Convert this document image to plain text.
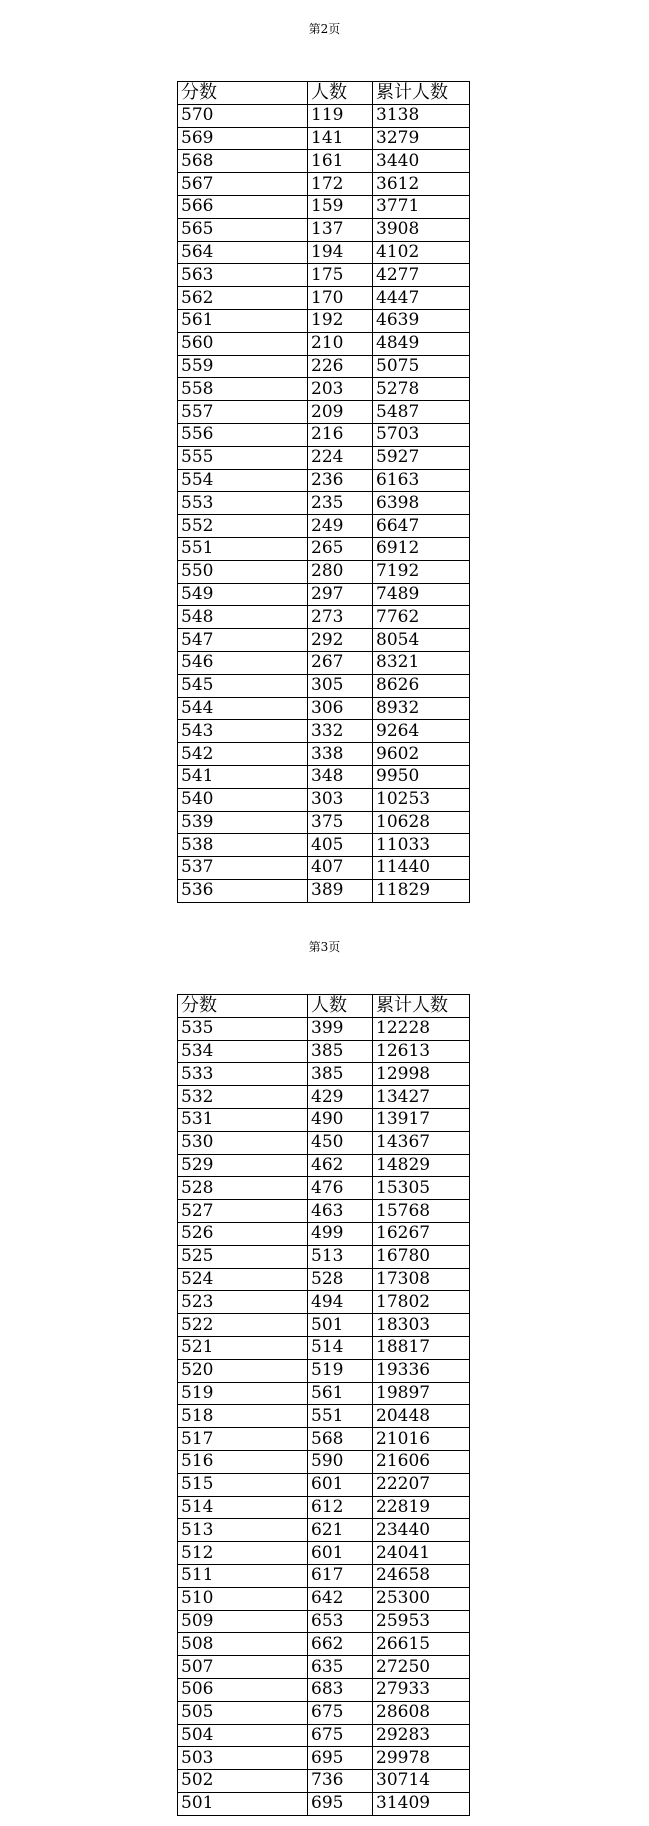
第2页
分数	人数	累计人数
570	119	3138
569	141	3279
568	161	3440
567	172	3612
566	159	3771
565	137	3908
564	194	4102
563	175	4277
562	170	4447
561	192	4639
560	210	4849
559	226	5075
558	203	5278
557	209	5487
556	216	5703
555	224	5927
554	236	6163
553	235	6398
552	249	6647
551	265	6912
550	280	7192
549	297	7489
548	273	7762
547	292	8054
546	267	8321
545	305	8626
544	306	8932
543	332	9264
542	338	9602
541	348	9950
540	303	10253
539	375	10628
538	405	11033
537	407	11440
536	389	11829
第3页
分数	人数	累计人数
535	399	12228
534	385	12613
533	385	12998
532	429	13427
531	490	13917
530	450	14367
529	462	14829
528	476	15305
527	463	15768
526	499	16267
525	513	16780
524	528	17308
523	494	17802
522	501	18303
521	514	18817
520	519	19336
519	561	19897
518	551	20448
517	568	21016
516	590	21606
515	601	22207
514	612	22819
513	621	23440
512	601	24041
511	617	24658
510	642	25300
509	653	25953
508	662	26615
507	635	27250
506	683	27933
505	675	28608
504	675	29283
503	695	29978
502	736	30714
501	695	31409
